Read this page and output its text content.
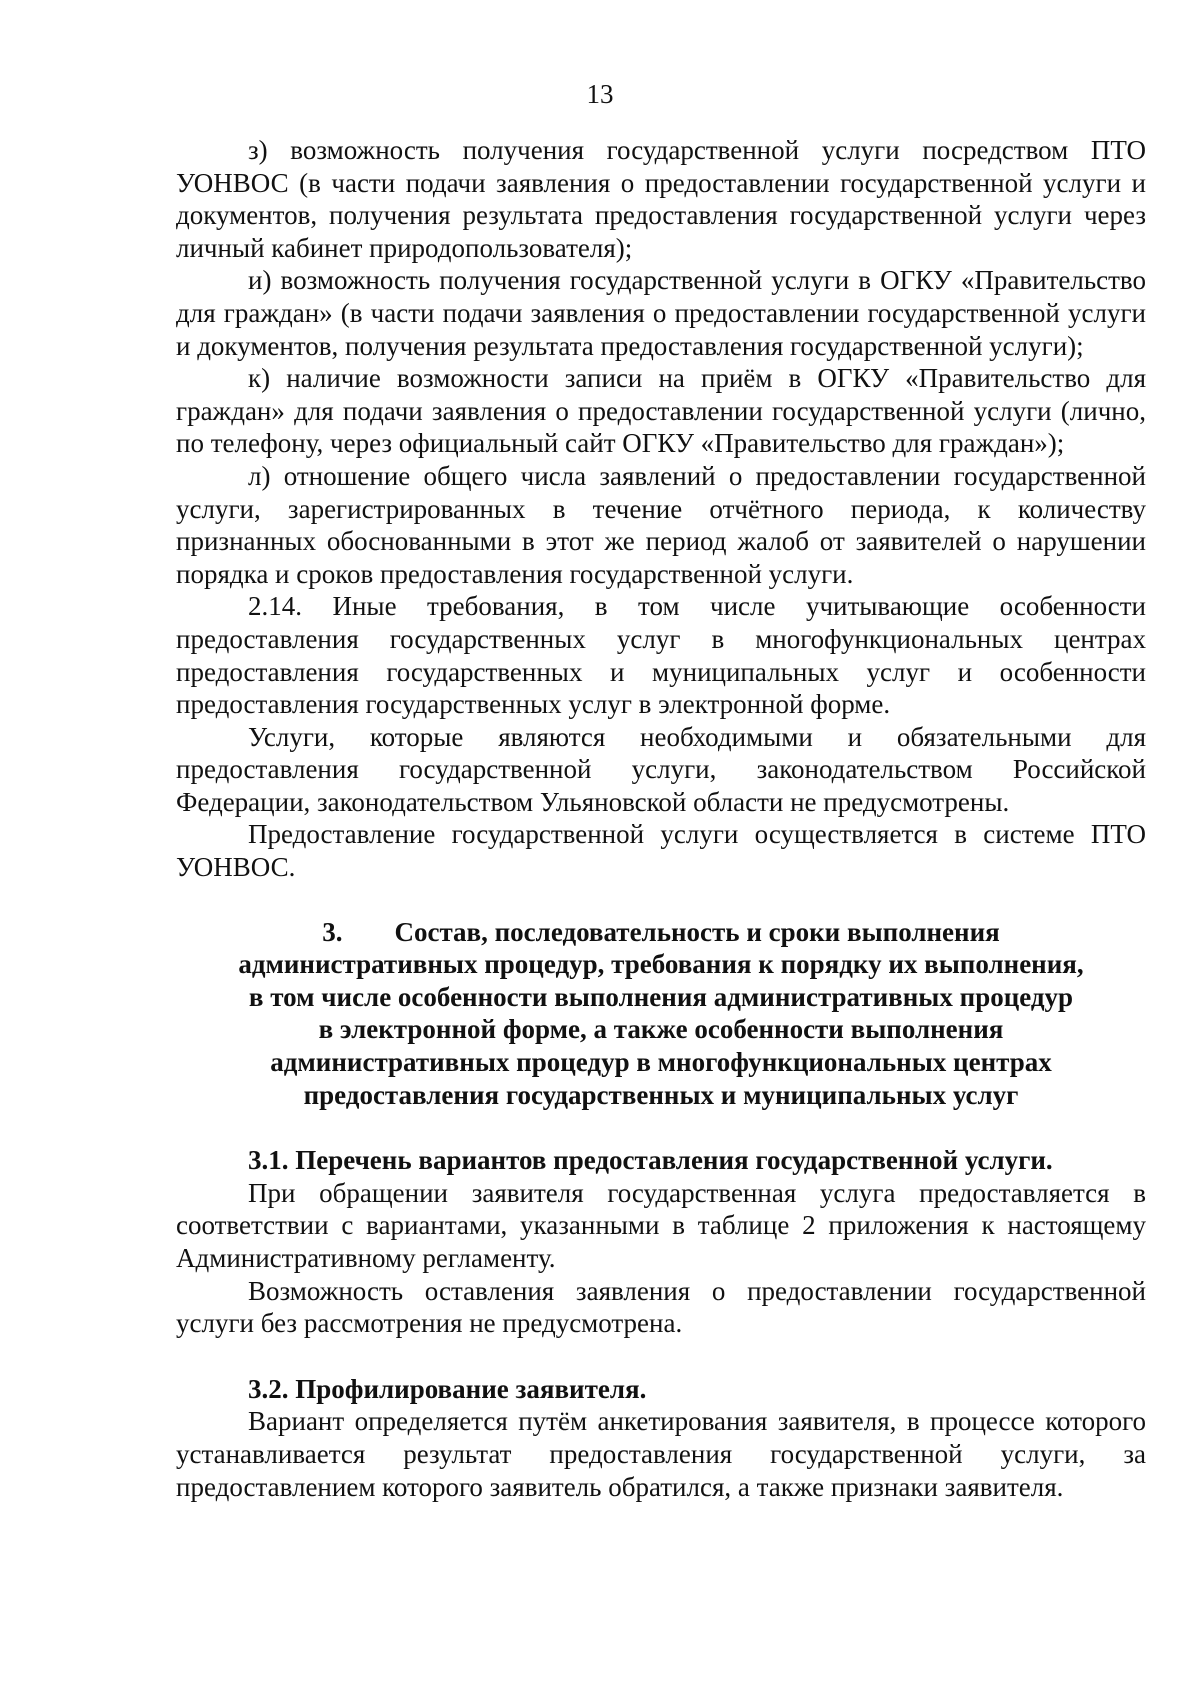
13

з) возможность получения государственной услуги посредством ПТО УОНВОС (в части подачи заявления о предоставлении государственной услуги и документов, получения результата предоставления государственной услуги через личный кабинет природопользователя);

и) возможность получения государственной услуги в ОГКУ «Правительство для граждан» (в части подачи заявления о предоставлении государственной услуги и документов, получения результата предоставления государственной услуги);

к) наличие возможности записи на приём в ОГКУ «Правительство для граждан» для подачи заявления о предоставлении государственной услуги (лично, по телефону, через официальный сайт ОГКУ «Правительство для граждан»);

л) отношение общего числа заявлений о предоставлении государственной услуги, зарегистрированных в течение отчётного периода, к количеству признанных обоснованными в этот же период жалоб от заявителей о нарушении порядка и сроков предоставления государственной услуги.

2.14. Иные требования, в том числе учитывающие особенности предоставления государственных услуг в многофункциональных центрах предоставления государственных и муниципальных услуг и особенности предоставления государственных услуг в электронной форме.

Услуги, которые являются необходимыми и обязательными для предоставления государственной услуги, законодательством Российской Федерации, законодательством Ульяновской области не предусмотрены.

Предоставление государственной услуги осуществляется в системе ПТО УОНВОС.

3. Состав, последовательность и сроки выполнения
административных процедур, требования к порядку их выполнения,
в том числе особенности выполнения административных процедур
в электронной форме, а также особенности выполнения
административных процедур в многофункциональных центрах
предоставления государственных и муниципальных услуг
3.1. Перечень вариантов предоставления государственной услуги.

При обращении заявителя государственная услуга предоставляется в соответствии с вариантами, указанными в таблице 2 приложения к настоящему Административному регламенту.

Возможность оставления заявления о предоставлении государственной услуги без рассмотрения не предусмотрена.

3.2. Профилирование заявителя.

Вариант определяется путём анкетирования заявителя, в процессе которого устанавливается результат предоставления государственной услуги, за предоставлением которого заявитель обратился, а также признаки заявителя.
